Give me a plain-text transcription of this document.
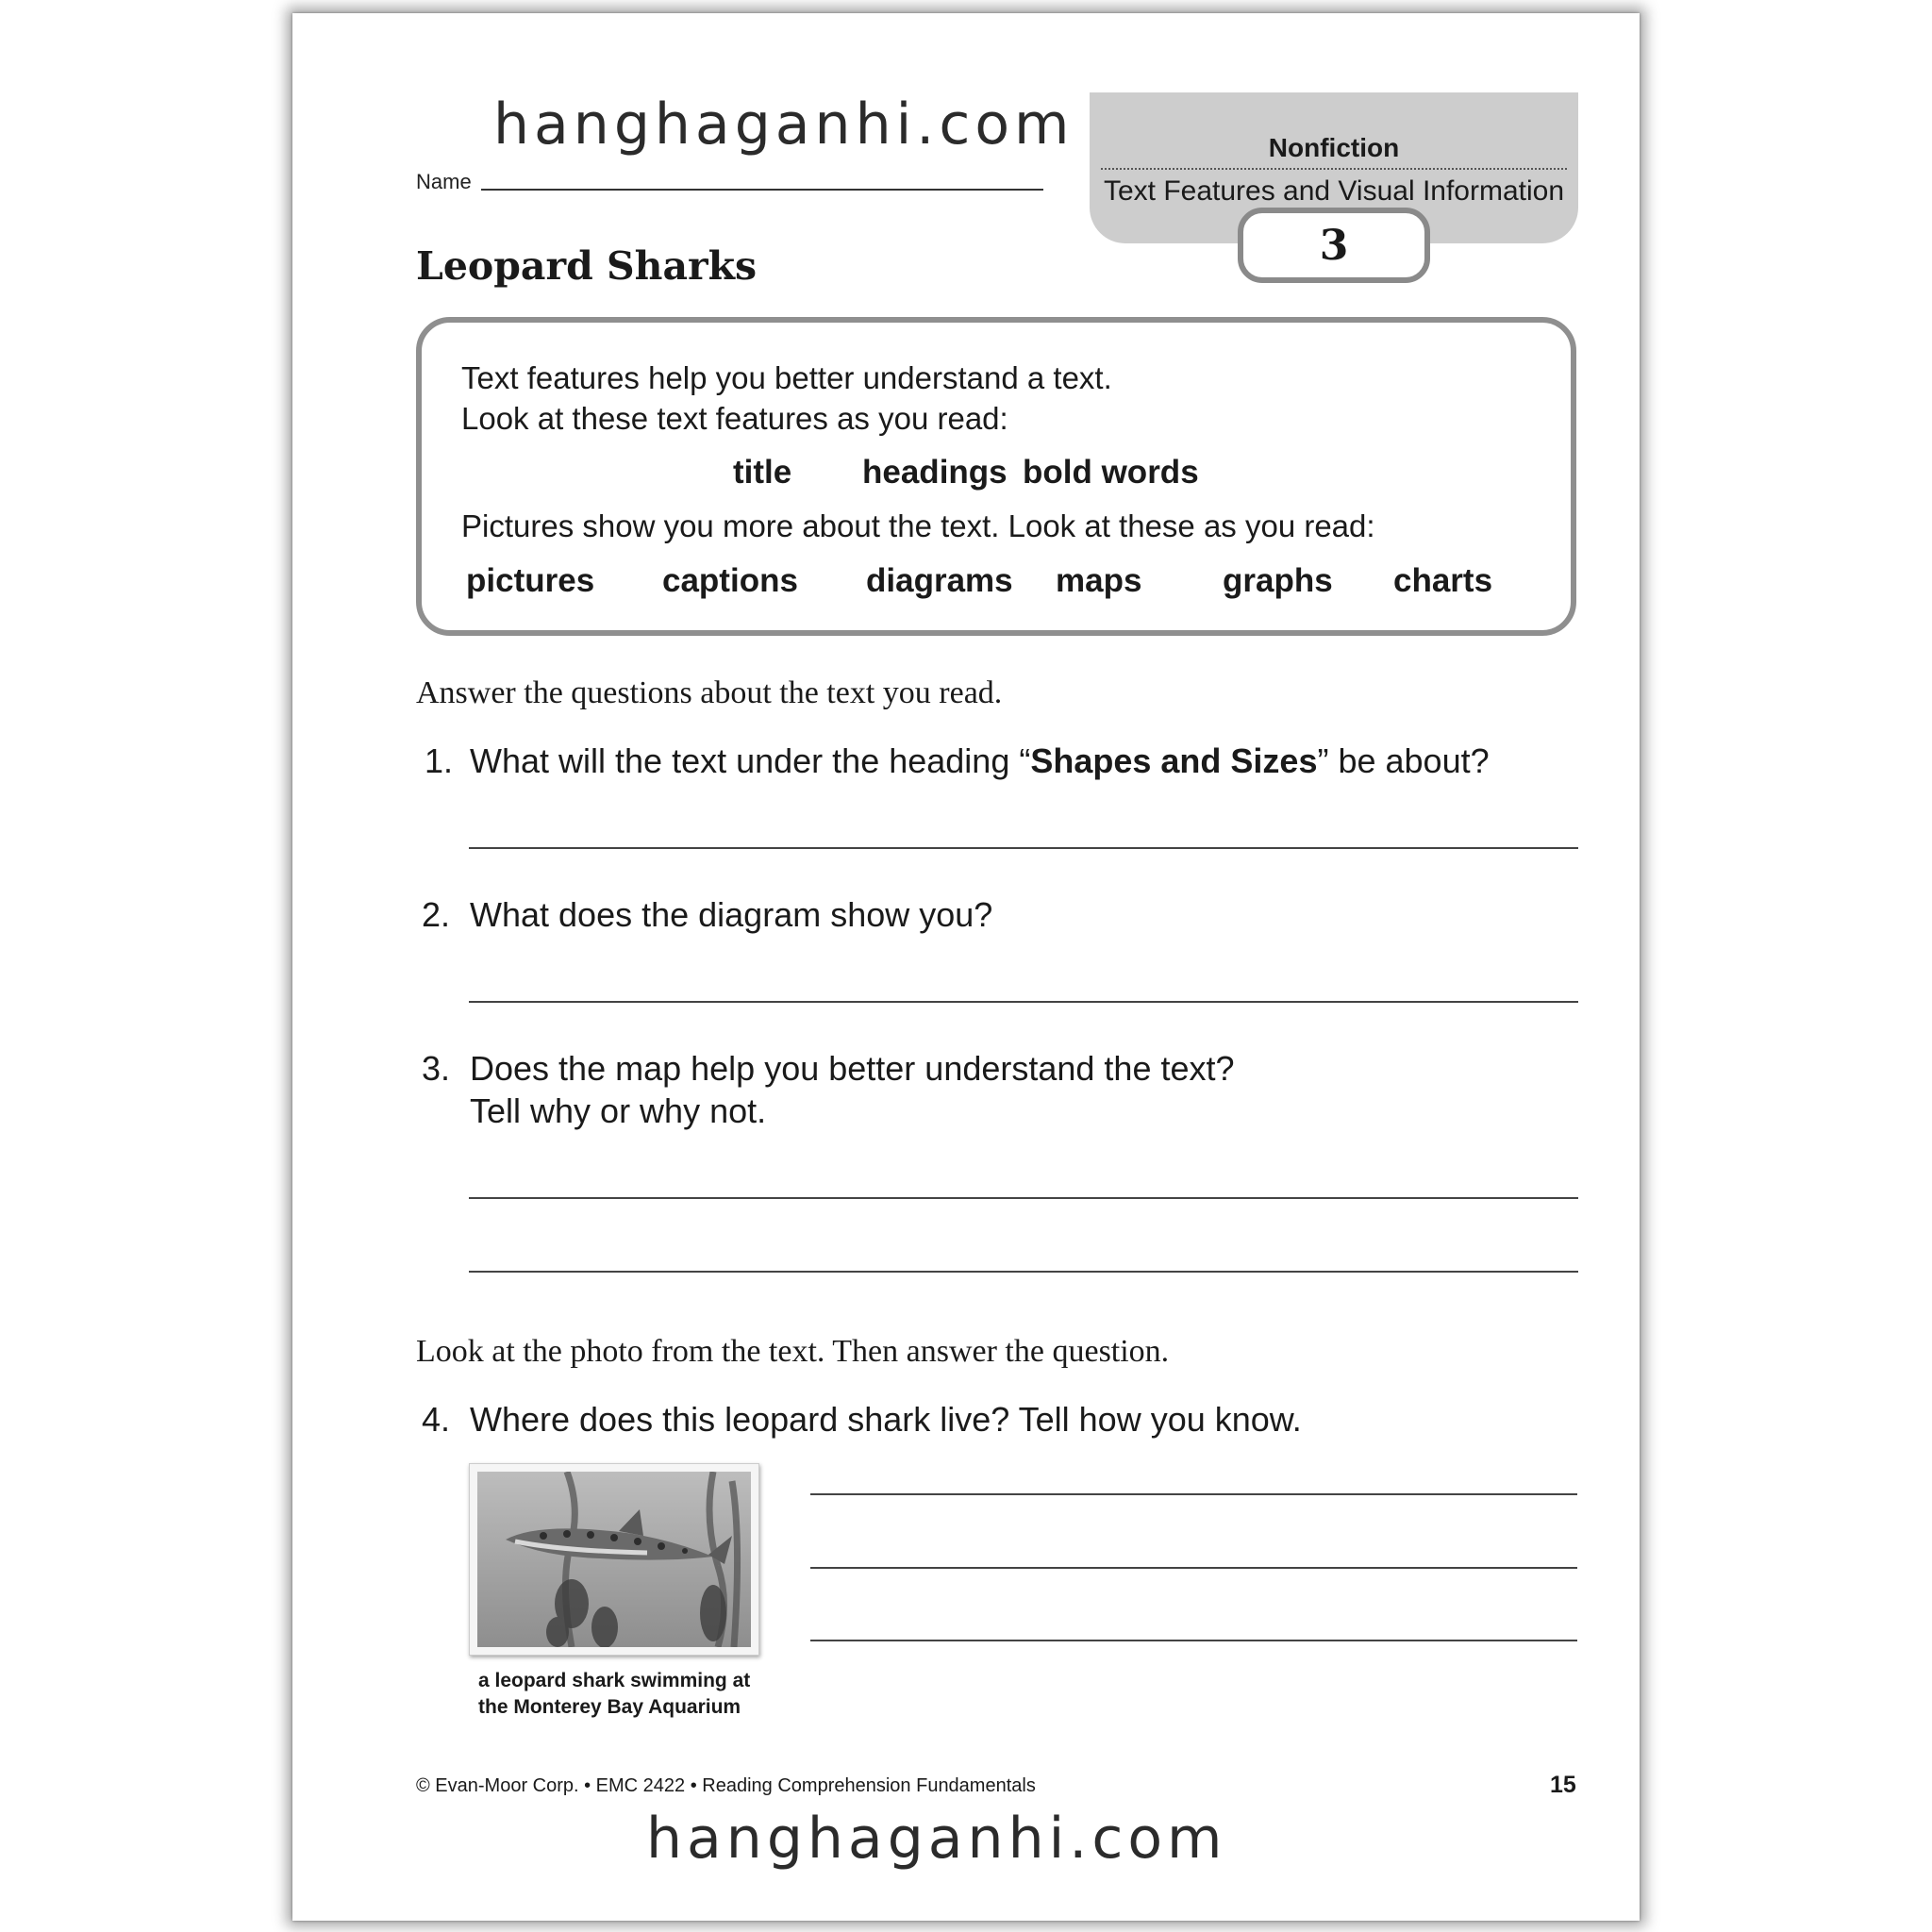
hanghaganhi.com
Name
Nonfiction
Text Features and Visual Information
3
Leopard Sharks
Text features help you better understand a text.
Look at these text features as you read:
title headings bold words
Pictures show you more about the text. Look at these as you read:
pictures captions diagrams maps graphs charts
Answer the questions about the text you read.
1. What will the text under the heading “Shapes and Sizes” be about?
2. What does the diagram show you?
3. Does the map help you better understand the text?
Tell why or why not.
Look at the photo from the text. Then answer the question.
4. Where does this leopard shark live? Tell how you know.
a leopard shark swimming at
the Monterey Bay Aquarium
© Evan-Moor Corp. • EMC 2422 • Reading Comprehension Fundamentals	15
hanghaganhi.com
